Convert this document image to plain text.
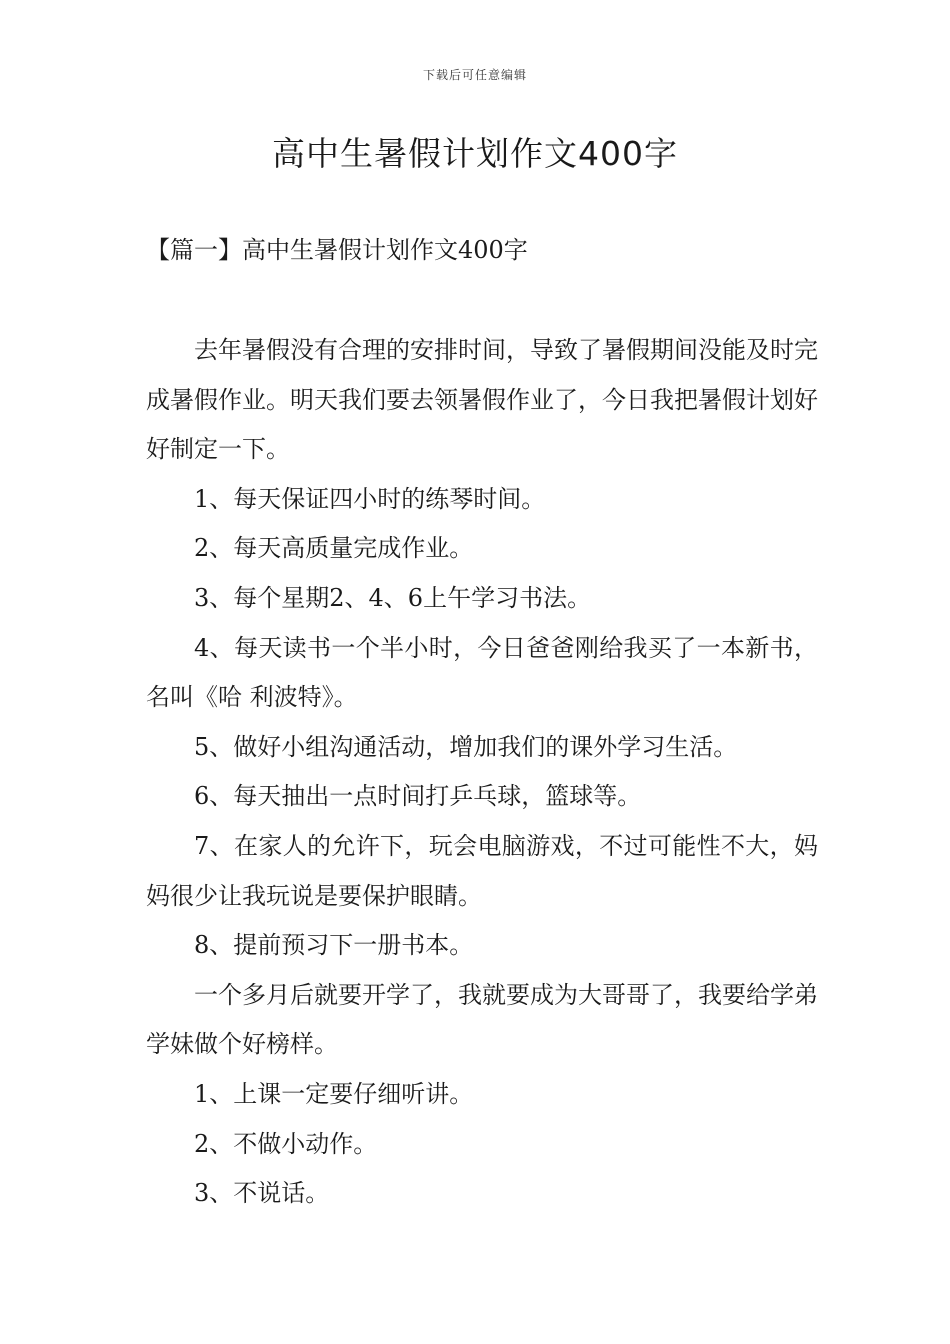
下载后可任意编辑
高中生暑假计划作文400字
【篇一】高中生暑假计划作文400字

去年暑假没有合理的安排时间，导致了暑假期间没能及时完成暑假作业。明天我们要去领暑假作业了，今日我把暑假计划好好制定一下。

1、每天保证四小时的练琴时间。

2、每天高质量完成作业。

3、每个星期2、4、6上午学习书法。

4、每天读书一个半小时，今日爸爸刚给我买了一本新书，名叫《哈 利波特》。

5、做好小组沟通活动，增加我们的课外学习生活。

6、每天抽出一点时间打乒乓球，篮球等。

7、在家人的允许下，玩会电脑游戏，不过可能性不大，妈妈很少让我玩说是要保护眼睛。

8、提前预习下一册书本。

一个多月后就要开学了，我就要成为大哥哥了，我要给学弟学妹做个好榜样。

1、上课一定要仔细听讲。

2、不做小动作。

3、不说话。
